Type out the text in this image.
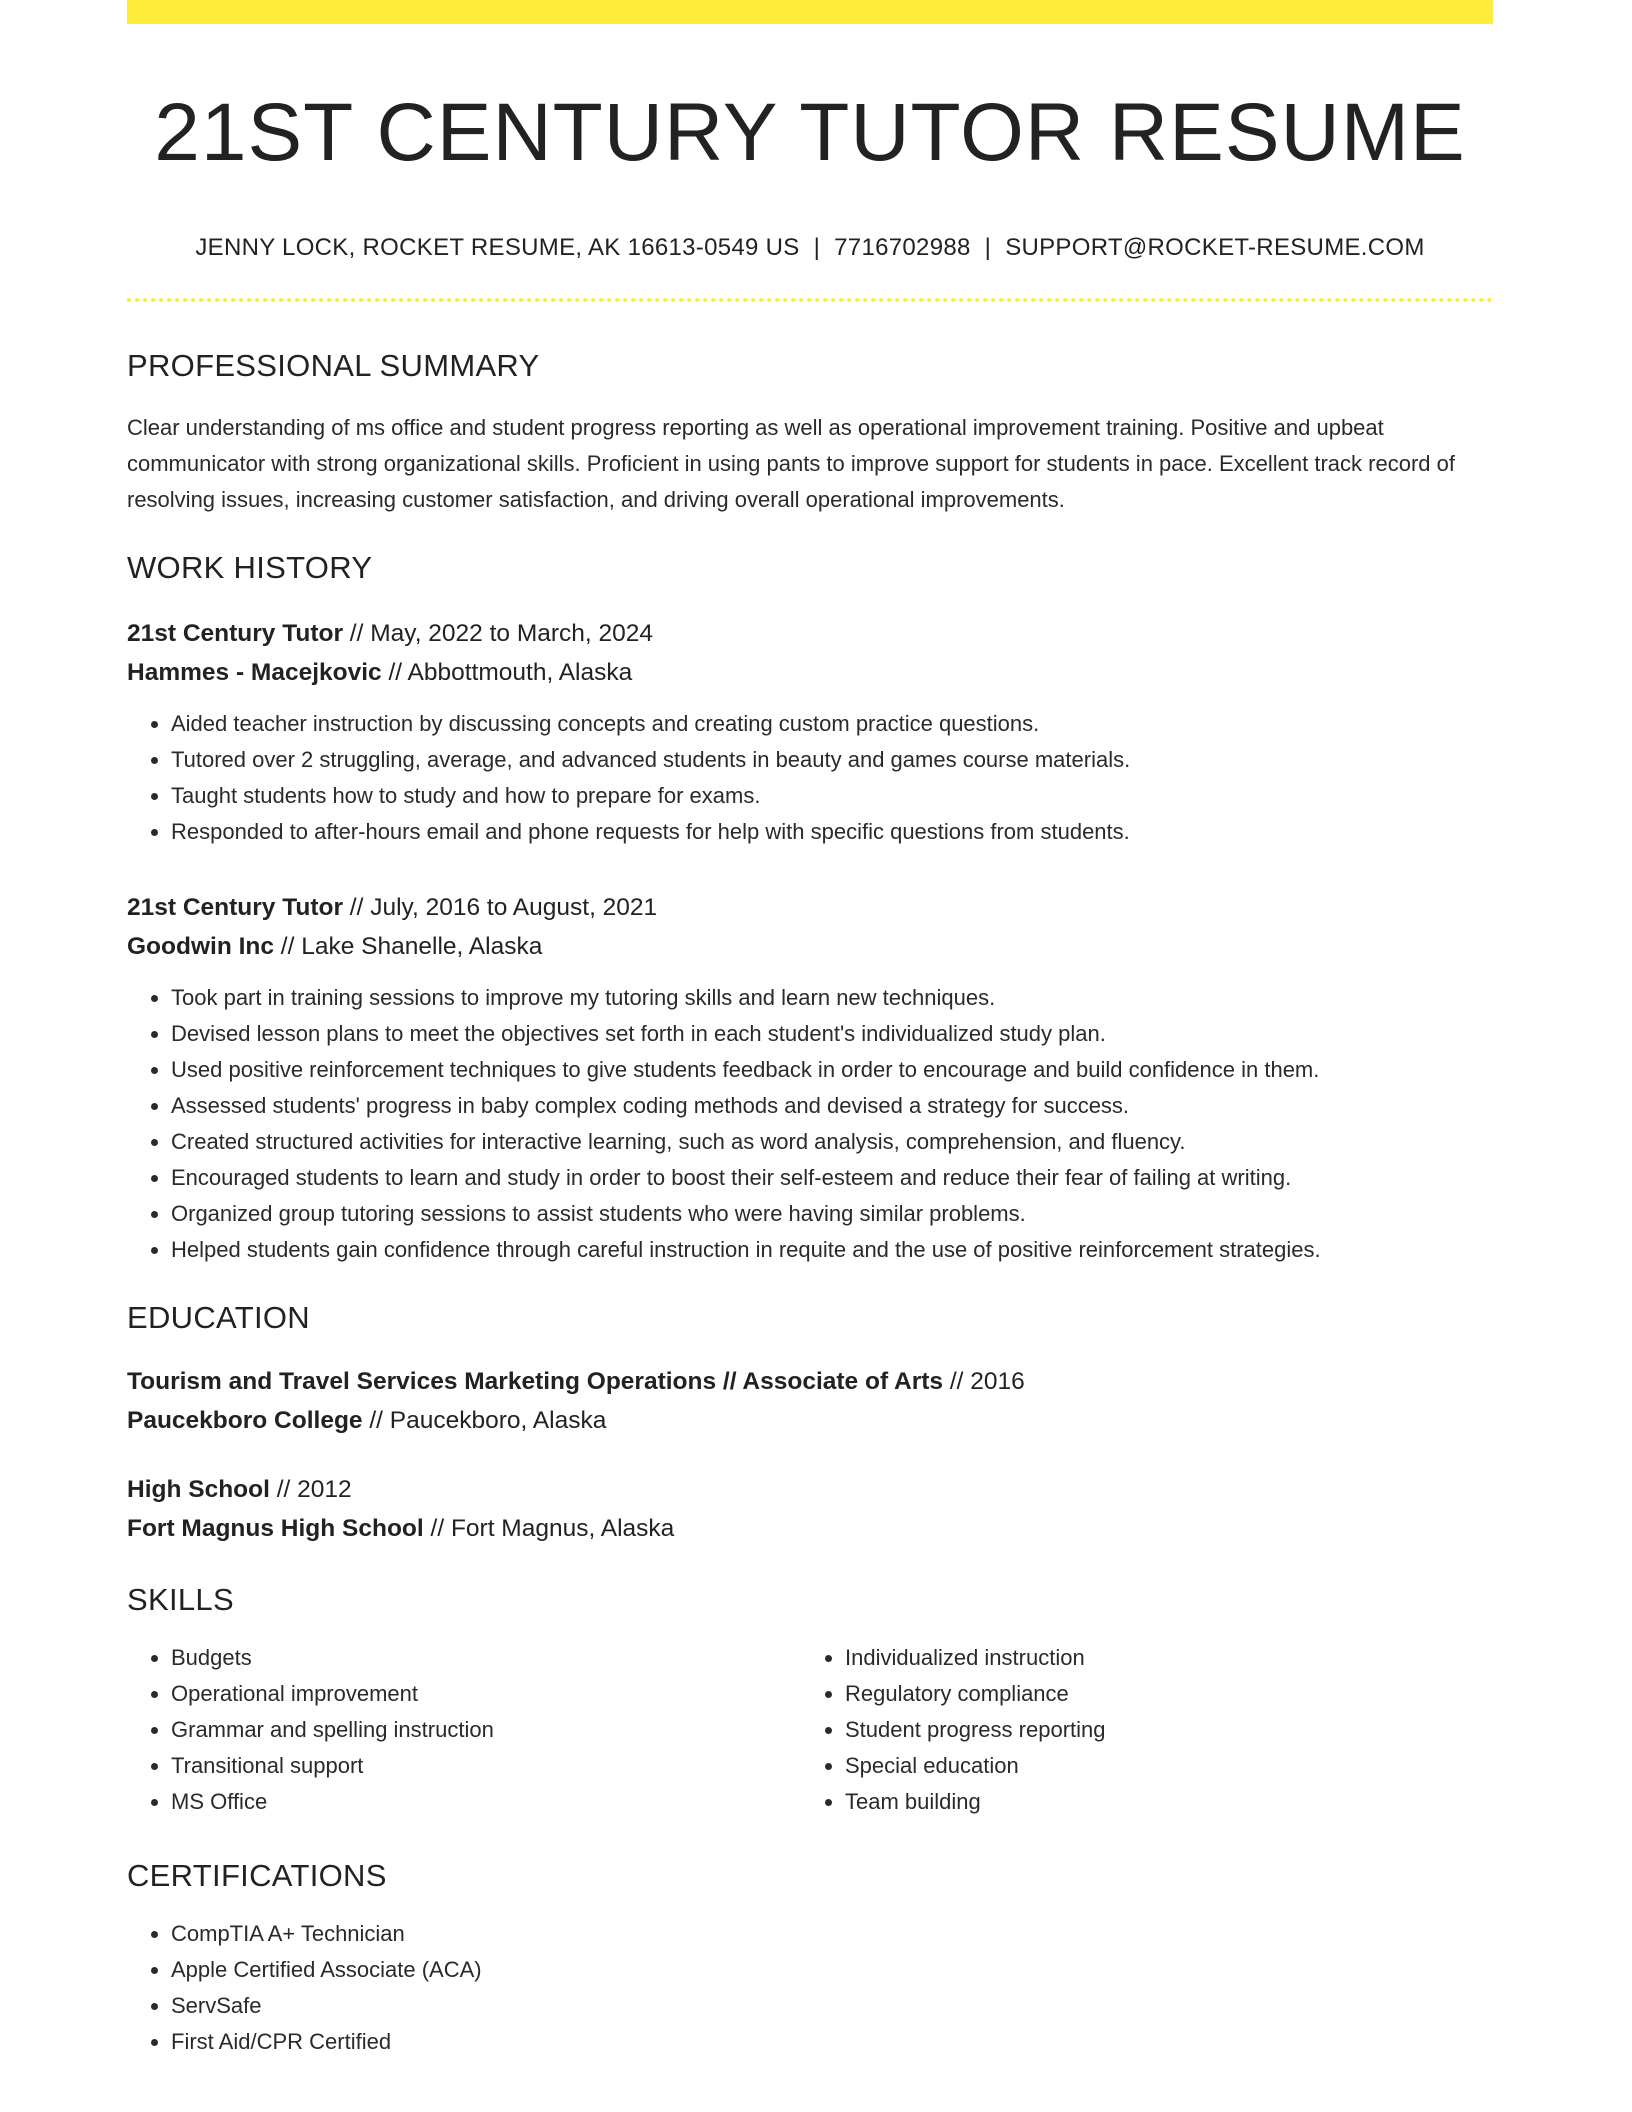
21ST CENTURY TUTOR RESUME
JENNY LOCK, ROCKET RESUME, AK 16613-0549 US | 7716702988 | SUPPORT@ROCKET-RESUME.COM
PROFESSIONAL SUMMARY
Clear understanding of ms office and student progress reporting as well as operational improvement training. Positive and upbeat communicator with strong organizational skills. Proficient in using pants to improve support for students in pace. Excellent track record of resolving issues, increasing customer satisfaction, and driving overall operational improvements.
WORK HISTORY
21st Century Tutor // May, 2022 to March, 2024
Hammes - Macejkovic // Abbottmouth, Alaska
• Aided teacher instruction by discussing concepts and creating custom practice questions.
• Tutored over 2 struggling, average, and advanced students in beauty and games course materials.
• Taught students how to study and how to prepare for exams.
• Responded to after-hours email and phone requests for help with specific questions from students.
21st Century Tutor // July, 2016 to August, 2021
Goodwin Inc // Lake Shanelle, Alaska
• Took part in training sessions to improve my tutoring skills and learn new techniques.
• Devised lesson plans to meet the objectives set forth in each student's individualized study plan.
• Used positive reinforcement techniques to give students feedback in order to encourage and build confidence in them.
• Assessed students' progress in baby complex coding methods and devised a strategy for success.
• Created structured activities for interactive learning, such as word analysis, comprehension, and fluency.
• Encouraged students to learn and study in order to boost their self-esteem and reduce their fear of failing at writing.
• Organized group tutoring sessions to assist students who were having similar problems.
• Helped students gain confidence through careful instruction in requite and the use of positive reinforcement strategies.
EDUCATION
Tourism and Travel Services Marketing Operations // Associate of Arts // 2016
Paucekboro College // Paucekboro, Alaska
High School // 2012
Fort Magnus High School // Fort Magnus, Alaska
SKILLS
• Budgets
• Operational improvement
• Grammar and spelling instruction
• Transitional support
• MS Office
• Individualized instruction
• Regulatory compliance
• Student progress reporting
• Special education
• Team building
CERTIFICATIONS
• CompTIA A+ Technician
• Apple Certified Associate (ACA)
• ServSafe
• First Aid/CPR Certified
